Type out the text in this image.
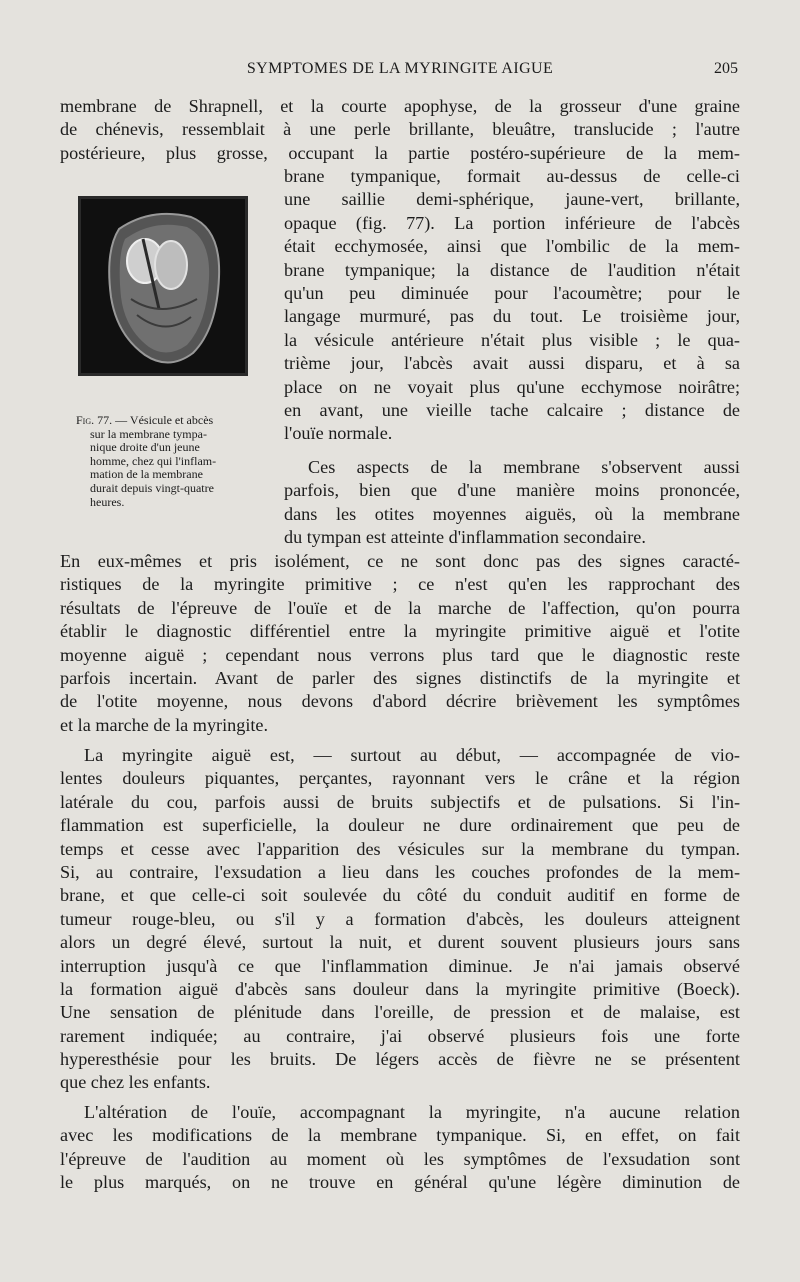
SYMPTOMES DE LA MYRINGITE AIGUE	205
membrane de Shrapnell, et la courte apophyse, de la grosseur d'une graine
de chénevis, ressemblait à une perle brillante, bleuâtre, translucide ; l'autre
postérieure, plus grosse, occupant la partie postéro-supérieure de la mem-
brane tympanique, formait au-dessus de celle-ci
une saillie demi-sphérique, jaune-vert, brillante,
opaque (fig. 77). La portion inférieure de l'abcès
était ecchymosée, ainsi que l'ombilic de la mem-
brane tympanique; la distance de l'audition n'était
qu'un peu diminuée pour l'acoumètre; pour le
langage murmuré, pas du tout. Le troisième jour,
la vésicule antérieure n'était plus visible ; le qua-
trième jour, l'abcès avait aussi disparu, et à sa
place on ne voyait plus qu'une ecchymose noirâtre;
en avant, une vieille tache calcaire ; distance de
l'ouïe normale.
Ces aspects de la membrane s'observent aussi
parfois, bien que d'une manière moins prononcée,
dans les otites moyennes aiguës, où la membrane
du tympan est atteinte d'inflammation secondaire.
Fig. 77. — Vésicule et abcès
sur la membrane tympa-
nique droite d'un jeune
homme, chez qui l'inflam-
mation de la membrane
durait depuis vingt-quatre
heures.
En eux-mêmes et pris isolément, ce ne sont donc pas des signes caracté-
ristiques de la myringite primitive ; ce n'est qu'en les rapprochant des
résultats de l'épreuve de l'ouïe et de la marche de l'affection, qu'on pourra
établir le diagnostic différentiel entre la myringite primitive aiguë et l'otite
moyenne aiguë ; cependant nous verrons plus tard que le diagnostic reste
parfois incertain. Avant de parler des signes distinctifs de la myringite et
de l'otite moyenne, nous devons d'abord décrire brièvement les symptômes
et la marche de la myringite.
La myringite aiguë est, — surtout au début, — accompagnée de vio-
lentes douleurs piquantes, perçantes, rayonnant vers le crâne et la région
latérale du cou, parfois aussi de bruits subjectifs et de pulsations. Si l'in-
flammation est superficielle, la douleur ne dure ordinairement que peu de
temps et cesse avec l'apparition des vésicules sur la membrane du tympan.
Si, au contraire, l'exsudation a lieu dans les couches profondes de la mem-
brane, et que celle-ci soit soulevée du côté du conduit auditif en forme de
tumeur rouge-bleu, ou s'il y a formation d'abcès, les douleurs atteignent
alors un degré élevé, surtout la nuit, et durent souvent plusieurs jours sans
interruption jusqu'à ce que l'inflammation diminue. Je n'ai jamais observé
la formation aiguë d'abcès sans douleur dans la myringite primitive (Boeck).
Une sensation de plénitude dans l'oreille, de pression et de malaise, est
rarement indiquée; au contraire, j'ai observé plusieurs fois une forte
hyperesthésie pour les bruits. De légers accès de fièvre ne se présentent
que chez les enfants.
L'altération de l'ouïe, accompagnant la myringite, n'a aucune relation
avec les modifications de la membrane tympanique. Si, en effet, on fait
l'épreuve de l'audition au moment où les symptômes de l'exsudation sont
le plus marqués, on ne trouve en général qu'une légère diminution de
